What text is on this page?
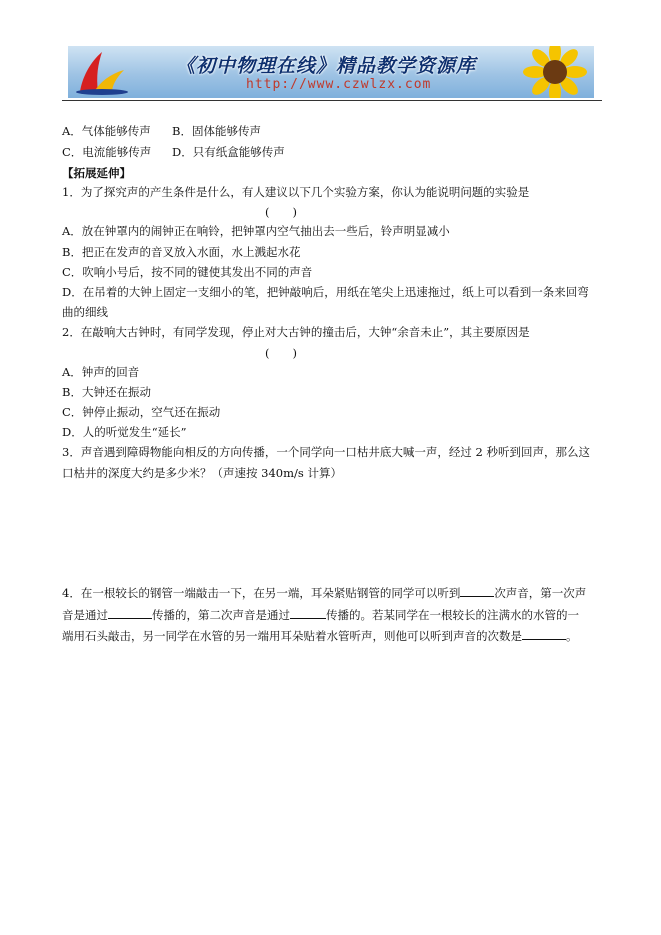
《初中物理在线》精品教学资源库
http://www.czwlzx.com
A．气体能够传声 B．固体能够传声
C．电流能够传声 D．只有纸盒能够传声
【拓展延伸】
1．为了探究声的产生条件是什么，有人建议以下几个实验方案，你认为能说明问题的实验是
(　　)
A．放在钟罩内的闹钟正在响铃，把钟罩内空气抽出去一些后，铃声明显减小
B．把正在发声的音叉放入水面，水上溅起水花
C．吹响小号后，按不同的键使其发出不同的声音
D．在吊着的大钟上固定一支细小的笔，把钟敲响后，用纸在笔尖上迅速拖过，纸上可以看到一条来回弯
曲的细线
2．在敲响大古钟时，有同学发现，停止对大古钟的撞击后，大钟“余音未止”，其主要原因是
(　　)
A．钟声的回音
B．大钟还在振动
C．钟停止振动，空气还在振动
D．人的听觉发生“延长”
3．声音遇到障碍物能向相反的方向传播，一个同学向一口枯井底大喊一声，经过 2 秒听到回声，那么这
口枯井的深度大约是多少米？（声速按 340m/s 计算）
4．在一根较长的钢管一端敲击一下，在另一端，耳朵紧贴钢管的同学可以听到	次声音，第一次声
音是通过	传播的，第二次声音是通过	传播的。若某同学在一根较长的注满水的水管的一
端用石头敲击，另一同学在水管的另一端用耳朵贴着水管听声，则他可以听到声音的次数是	。
